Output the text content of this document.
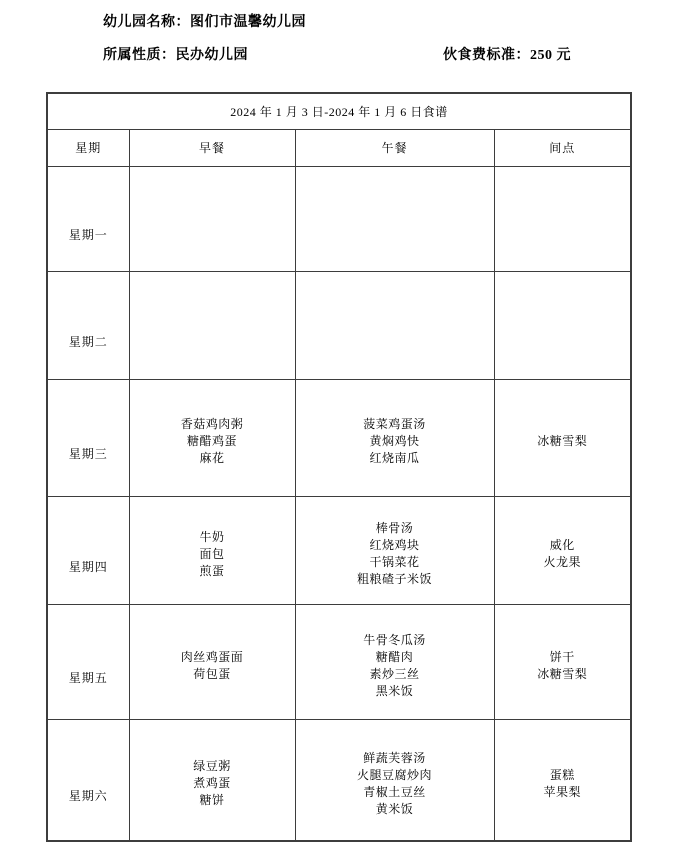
幼儿园名称：图们市温馨幼儿园
所属性质：民办幼儿园	伙食费标准：250 元
2024 年 1 月 3 日-2024 年 1 月 6 日食谱			
星期	早餐	午餐	间点
星期一			
星期二			
星期三	香菇鸡肉粥
糖醋鸡蛋
麻花	菠菜鸡蛋汤
黄焖鸡快
红烧南瓜	冰糖雪梨
星期四	牛奶
面包
煎蛋	棒骨汤
红烧鸡块
干锅菜花
粗粮碴子米饭	威化
火龙果
星期五	肉丝鸡蛋面
荷包蛋	牛骨冬瓜汤
糖醋肉
素炒三丝
黑米饭	饼干
冰糖雪梨
星期六	绿豆粥
煮鸡蛋
糖饼	鲜蔬芙蓉汤
火腿豆腐炒肉
青椒土豆丝
黄米饭	蛋糕
苹果梨
